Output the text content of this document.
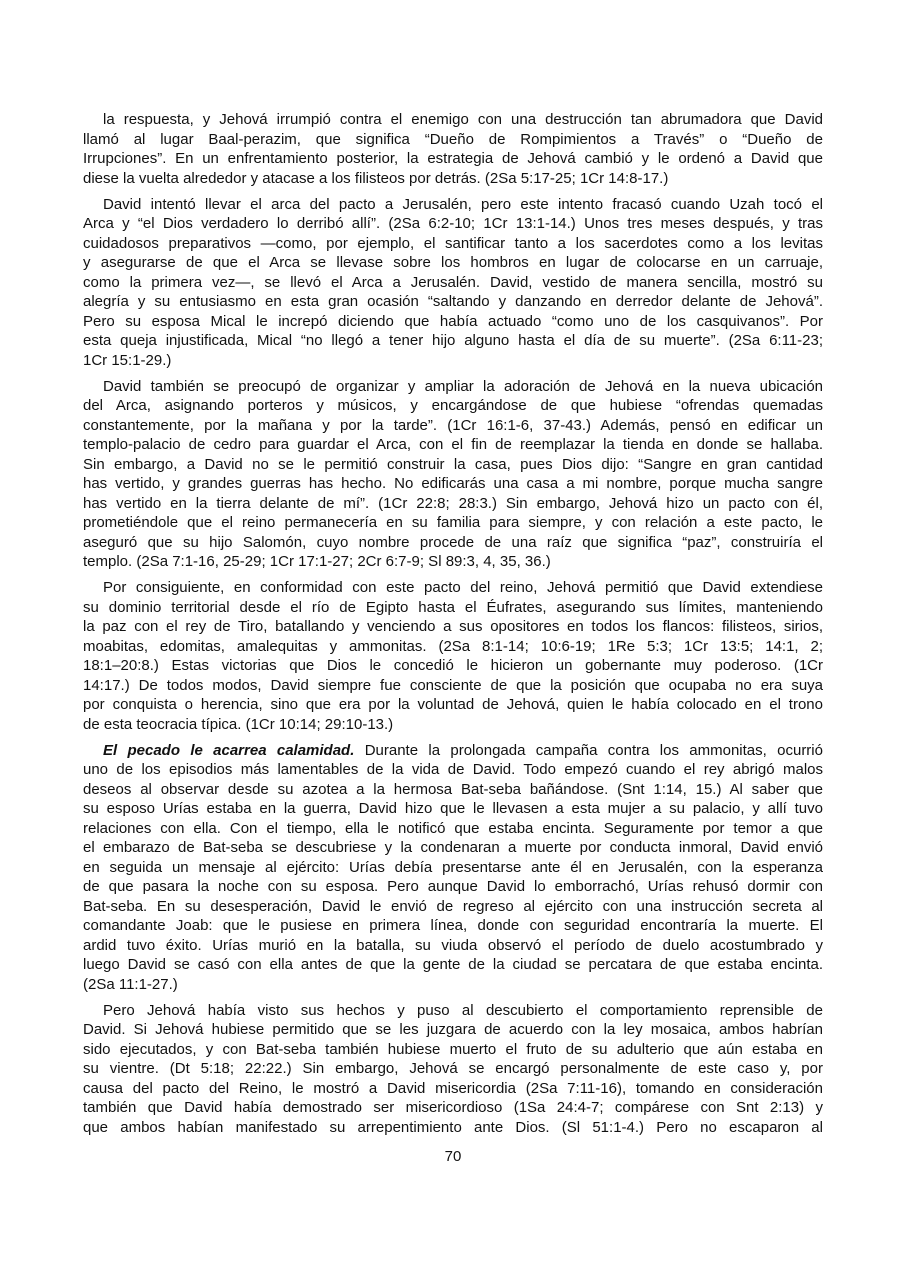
la respuesta, y Jehová irrumpió contra el enemigo con una destrucción tan abrumadora que David
llamó al lugar Baal-perazim, que significa “Dueño de Rompimientos a Través” o “Dueño de
Irrupciones”. En un enfrentamiento posterior, la estrategia de Jehová cambió y le ordenó a David que
diese la vuelta alrededor y atacase a los filisteos por detrás. (2Sa 5:17-25; 1Cr 14:8-17.)
David intentó llevar el arca del pacto a Jerusalén, pero este intento fracasó cuando Uzah tocó el
Arca y “el Dios verdadero lo derribó allí”. (2Sa 6:2-10; 1Cr 13:1-14.) Unos tres meses después, y tras
cuidadosos preparativos —como, por ejemplo, el santificar tanto a los sacerdotes como a los levitas
y asegurarse de que el Arca se llevase sobre los hombros en lugar de colocarse en un carruaje,
como la primera vez—, se llevó el Arca a Jerusalén. David, vestido de manera sencilla, mostró su
alegría y su entusiasmo en esta gran ocasión “saltando y danzando en derredor delante de Jehová”.
Pero su esposa Mical le increpó diciendo que había actuado “como uno de los casquivanos”. Por
esta queja injustificada, Mical “no llegó a tener hijo alguno hasta el día de su muerte”. (2Sa 6:11-23;
1Cr 15:1-29.)
David también se preocupó de organizar y ampliar la adoración de Jehová en la nueva ubicación
del Arca, asignando porteros y músicos, y encargándose de que hubiese “ofrendas quemadas
constantemente, por la mañana y por la tarde”. (1Cr 16:1-6, 37-43.) Además, pensó en edificar un
templo-palacio de cedro para guardar el Arca, con el fin de reemplazar la tienda en donde se hallaba.
Sin embargo, a David no se le permitió construir la casa, pues Dios dijo: “Sangre en gran cantidad
has vertido, y grandes guerras has hecho. No edificarás una casa a mi nombre, porque mucha sangre
has vertido en la tierra delante de mí”. (1Cr 22:8; 28:3.) Sin embargo, Jehová hizo un pacto con él,
prometiéndole que el reino permanecería en su familia para siempre, y con relación a este pacto, le
aseguró que su hijo Salomón, cuyo nombre procede de una raíz que significa “paz”, construiría el
templo. (2Sa 7:1-16, 25-29; 1Cr 17:1-27; 2Cr 6:7-9; Sl 89:3, 4, 35, 36.)
Por consiguiente, en conformidad con este pacto del reino, Jehová permitió que David extendiese
su dominio territorial desde el río de Egipto hasta el Éufrates, asegurando sus límites, manteniendo
la paz con el rey de Tiro, batallando y venciendo a sus opositores en todos los flancos: filisteos, sirios,
moabitas, edomitas, amalequitas y ammonitas. (2Sa 8:1-14; 10:6-19; 1Re 5:3; 1Cr 13:5; 14:1, 2;
18:1–20:8.) Estas victorias que Dios le concedió le hicieron un gobernante muy poderoso. (1Cr
14:17.) De todos modos, David siempre fue consciente de que la posición que ocupaba no era suya
por conquista o herencia, sino que era por la voluntad de Jehová, quien le había colocado en el trono
de esta teocracia típica. (1Cr 10:14; 29:10-13.)
El pecado le acarrea calamidad. Durante la prolongada campaña contra los ammonitas, ocurrió
uno de los episodios más lamentables de la vida de David. Todo empezó cuando el rey abrigó malos
deseos al observar desde su azotea a la hermosa Bat-seba bañándose. (Snt 1:14, 15.) Al saber que
su esposo Urías estaba en la guerra, David hizo que le llevasen a esta mujer a su palacio, y allí tuvo
relaciones con ella. Con el tiempo, ella le notificó que estaba encinta. Seguramente por temor a que
el embarazo de Bat-seba se descubriese y la condenaran a muerte por conducta inmoral, David envió
en seguida un mensaje al ejército: Urías debía presentarse ante él en Jerusalén, con la esperanza
de que pasara la noche con su esposa. Pero aunque David lo emborrachó, Urías rehusó dormir con
Bat-seba. En su desesperación, David le envió de regreso al ejército con una instrucción secreta al
comandante Joab: que le pusiese en primera línea, donde con seguridad encontraría la muerte. El
ardid tuvo éxito. Urías murió en la batalla, su viuda observó el período de duelo acostumbrado y
luego David se casó con ella antes de que la gente de la ciudad se percatara de que estaba encinta.
(2Sa 11:1-27.)
Pero Jehová había visto sus hechos y puso al descubierto el comportamiento reprensible de
David. Si Jehová hubiese permitido que se les juzgara de acuerdo con la ley mosaica, ambos habrían
sido ejecutados, y con Bat-seba también hubiese muerto el fruto de su adulterio que aún estaba en
su vientre. (Dt 5:18; 22:22.) Sin embargo, Jehová se encargó personalmente de este caso y, por
causa del pacto del Reino, le mostró a David misericordia (2Sa 7:11-16), tomando en consideración
también que David había demostrado ser misericordioso (1Sa 24:4-7; compárese con Snt 2:13) y
que ambos habían manifestado su arrepentimiento ante Dios. (Sl 51:1-4.) Pero no escaparon al
70
